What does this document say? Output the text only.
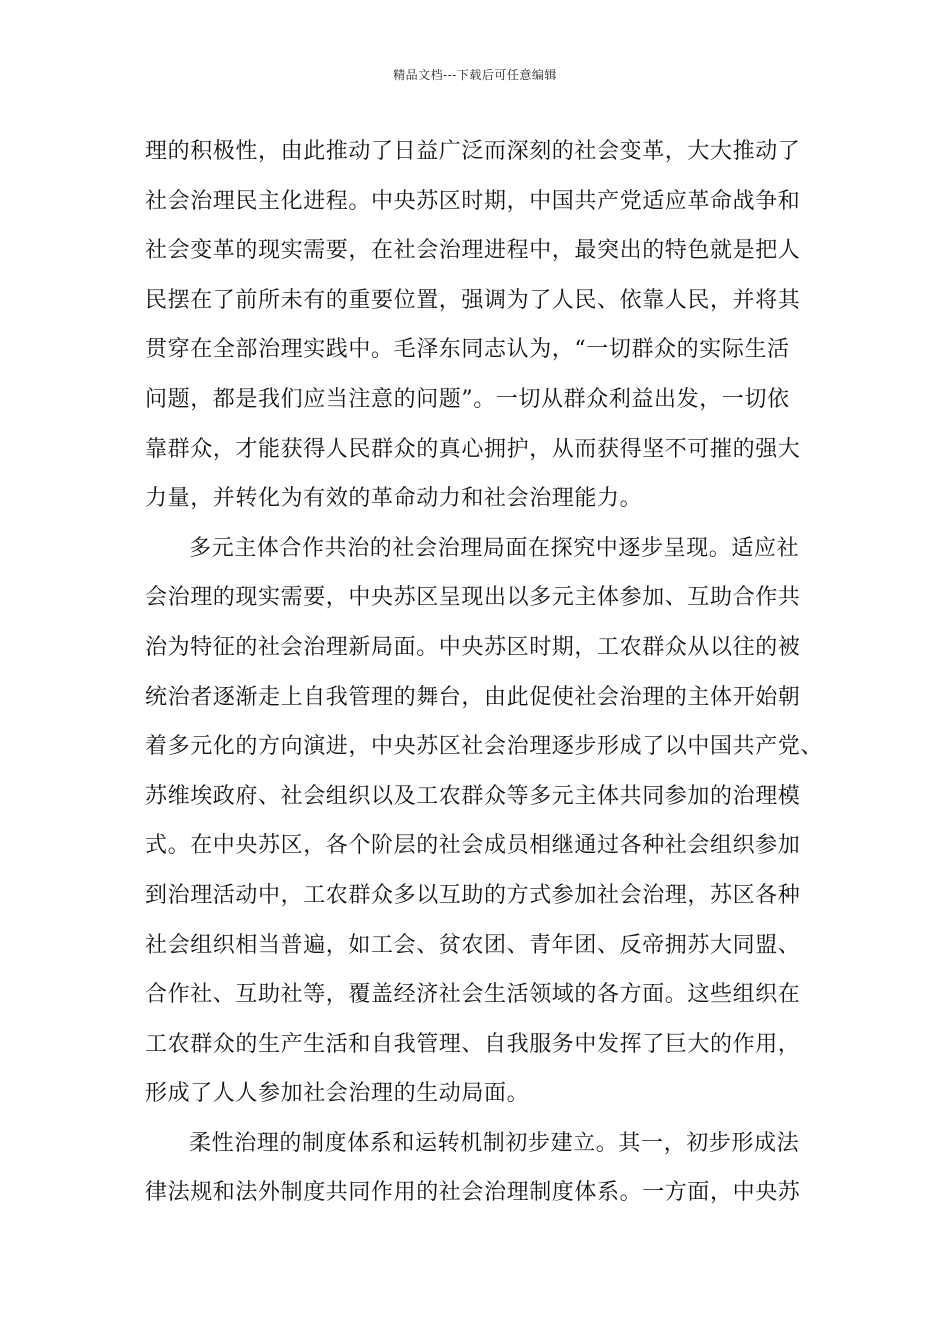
精品文档---下载后可任意编辑
理的积极性，由此推动了日益广泛而深刻的社会变革，大大推动了
社会治理民主化进程。中央苏区时期，中国共产党适应革命战争和
社会变革的现实需要，在社会治理进程中，最突出的特色就是把人
民摆在了前所未有的重要位置，强调为了人民、依靠人民，并将其
贯穿在全部治理实践中。毛泽东同志认为，“一切群众的实际生活
问题，都是我们应当注意的问题”。一切从群众利益出发，一切依
靠群众，才能获得人民群众的真心拥护，从而获得坚不可摧的强大
力量，并转化为有效的革命动力和社会治理能力。
多元主体合作共治的社会治理局面在探究中逐步呈现。适应社
会治理的现实需要，中央苏区呈现出以多元主体参加、互助合作共
治为特征的社会治理新局面。中央苏区时期，工农群众从以往的被
统治者逐渐走上自我管理的舞台，由此促使社会治理的主体开始朝
着多元化的方向演进，中央苏区社会治理逐步形成了以中国共产党、
苏维埃政府、社会组织以及工农群众等多元主体共同参加的治理模
式。在中央苏区，各个阶层的社会成员相继通过各种社会组织参加
到治理活动中，工农群众多以互助的方式参加社会治理，苏区各种
社会组织相当普遍，如工会、贫农团、青年团、反帝拥苏大同盟、
合作社、互助社等，覆盖经济社会生活领域的各方面。这些组织在
工农群众的生产生活和自我管理、自我服务中发挥了巨大的作用，
形成了人人参加社会治理的生动局面。
柔性治理的制度体系和运转机制初步建立。其一，初步形成法
律法规和法外制度共同作用的社会治理制度体系。一方面，中央苏
